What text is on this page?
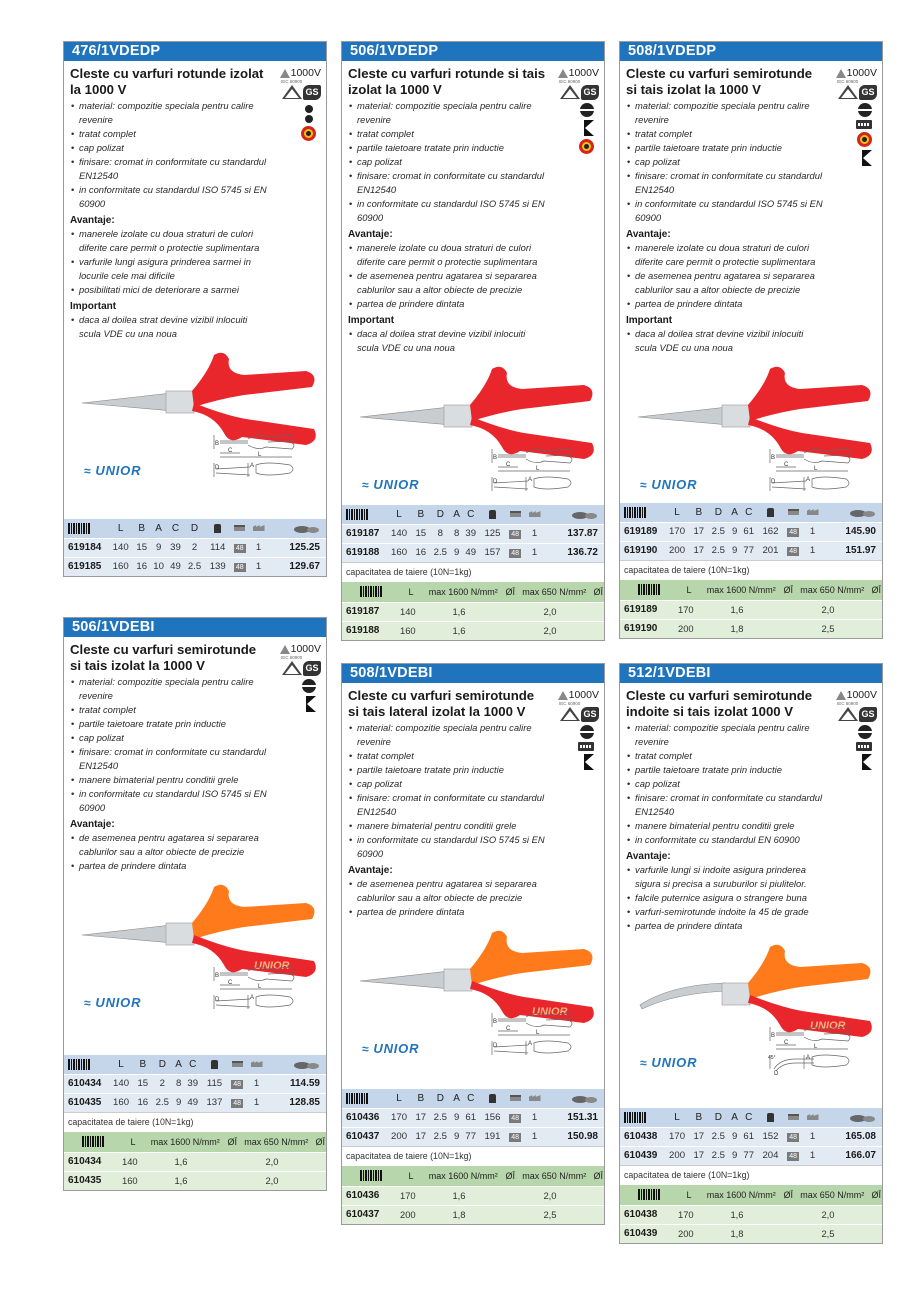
476/1VDEDP
1000V
IEC 60900
GS
Cleste cu varfuri rotunde izolat la 1000 V
• material: compozitie speciala pentru calire revenire
• tratat complet
• cap polizat
• finisare: cromat in conformitate cu standardul EN12540
• in conformitate cu standardul ISO 5745 si EN 60900
Avantaje:
• manerele izolate cu doua straturi de culori diferite care permit o protectie suplimentara
• varfurile lungi asigura prinderea sarmei in locurile cele mai dificile
• posibilitati mici de deteriorare a sarmei
Important
• daca al doilea strat devine vizibil inlocuiti scula VDE cu una noua
B
C
L
A
D
≈ UNIOR
	L	B	A	C	D				
619184	140	15	9	39	2	114	48	1	125.25
619185	160	16	10	49	2.5	139	48	1	129.67
506/1VDEDP
1000V
IEC 60900
GS
Cleste cu varfuri rotunde si tais izolat la 1000 V
• material: compozitie speciala pentru calire revenire
• tratat complet
• partile taietoare tratate prin inductie
• cap polizat
• finisare: cromat in conformitate cu standardul EN12540
• in conformitate cu standardul ISO 5745 si EN 60900
Avantaje:
• manerele izolate cu doua straturi de culori diferite care permit o protectie suplimentara
• de asemenea pentru agatarea si separarea cablurilor sau a altor obiecte de precizie
• partea de prindere dintata
Important
• daca al doilea strat devine vizibil inlocuiti scula VDE cu una noua
B
C
L
A
D
≈ UNIOR
	L	B	D	A	C				
619187	140	15	8	8	39	125	48	1	137.87
619188	160	16	2.5	9	49	157	48	1	136.72
capacitatea de taiere (10N=1kg)
	L	max 1600 N/mm²	ØĪ	max 650 N/mm²	ØĪ
619187	140	1,6		2,0	
619188	160	1,6		2,0	
508/1VDEDP
1000V
IEC 60900
GS
Cleste cu varfuri semirotunde si tais izolat la 1000 V
• material: compozitie speciala pentru calire revenire
• tratat complet
• partile taietoare tratate prin inductie
• cap polizat
• finisare: cromat in conformitate cu standardul EN12540
• in conformitate cu standardul ISO 5745 si EN 60900
Avantaje:
• manerele izolate cu doua straturi de culori diferite care permit o protectie suplimentara
• de asemenea pentru agatarea si separarea cablurilor sau a altor obiecte de precizie
• partea de prindere dintata
Important
• daca al doilea strat devine vizibil inlocuiti scula VDE cu una noua
B
C
L
A
D
≈ UNIOR
	L	B	D	A	C				
619189	170	17	2.5	9	61	162	48	1	145.90
619190	200	17	2.5	9	77	201	48	1	151.97
capacitatea de taiere (10N=1kg)
	L	max 1600 N/mm²	ØĪ	max 650 N/mm²	ØĪ
619189	170	1,6		2,0	
619190	200	1,8		2,5	
506/1VDEBI
1000V
IEC 60900
GS
Cleste cu varfuri semirotunde si tais izolat la 1000 V
• material: compozitie speciala pentru calire revenire
• tratat complet
• partile taietoare tratate prin inductie
• cap polizat
• finisare: cromat in conformitate cu standardul EN12540
• manere bimaterial pentru conditii grele
• in conformitate cu standardul ISO 5745 si EN 60900
Avantaje:
• de asemenea pentru agatarea si separarea cablurilor sau a altor obiecte de precizie
• partea de prindere dintata
UNIOR
B
C
L
A
D
≈ UNIOR
	L	B	D	A	C				
610434	140	15	2	8	39	115	48	1	114.59
610435	160	16	2.5	9	49	137	48	1	128.85
capacitatea de taiere (10N=1kg)
	L	max 1600 N/mm²	ØĪ	max 650 N/mm²	ØĪ
610434	140	1,6		2,0	
610435	160	1,6		2,0	
508/1VDEBI
1000V
IEC 60900
GS
Cleste cu varfuri semirotunde si tais lateral izolat la 1000 V
• material: compozitie speciala pentru calire revenire
• tratat complet
• partile taietoare tratate prin inductie
• cap polizat
• finisare: cromat in conformitate cu standardul EN12540
• manere bimaterial pentru conditii grele
• in conformitate cu standardul ISO 5745 si EN 60900
Avantaje:
• de asemenea pentru agatarea si separarea cablurilor sau a altor obiecte de precizie
• partea de prindere dintata
UNIOR
B
C
L
A
D
≈ UNIOR
	L	B	D	A	C				
610436	170	17	2.5	9	61	156	48	1	151.31
610437	200	17	2.5	9	77	191	48	1	150.98
capacitatea de taiere (10N=1kg)
	L	max 1600 N/mm²	ØĪ	max 650 N/mm²	ØĪ
610436	170	1,6		2,0	
610437	200	1,8		2,5	
512/1VDEBI
1000V
IEC 60900
GS
Cleste cu varfuri semirotunde indoite si tais izolat 1000 V
• material: compozitie speciala pentru calire revenire
• tratat complet
• partile taietoare tratate prin inductie
• cap polizat
• finisare: cromat in conformitate cu standardul EN12540
• manere bimaterial pentru conditii grele
• in conformitate cu standardul EN 60900
Avantaje:
• varfurile lungi si indoite asigura prinderea sigura si precisa a suruburilor si piulitelor.
• falcile puternice asigura o strangere buna
• varfuri-semirotunde indoite la 45 de grade
• partea de prindere dintata
UNIOR
B
C
L
A
D
45°
≈ UNIOR
	L	B	D	A	C				
610438	170	17	2.5	9	61	152	48	1	165.08
610439	200	17	2.5	9	77	204	48	1	166.07
capacitatea de taiere (10N=1kg)
	L	max 1600 N/mm²	ØĪ	max 650 N/mm²	ØĪ
610438	170	1,6		2,0	
610439	200	1,8		2,5	
